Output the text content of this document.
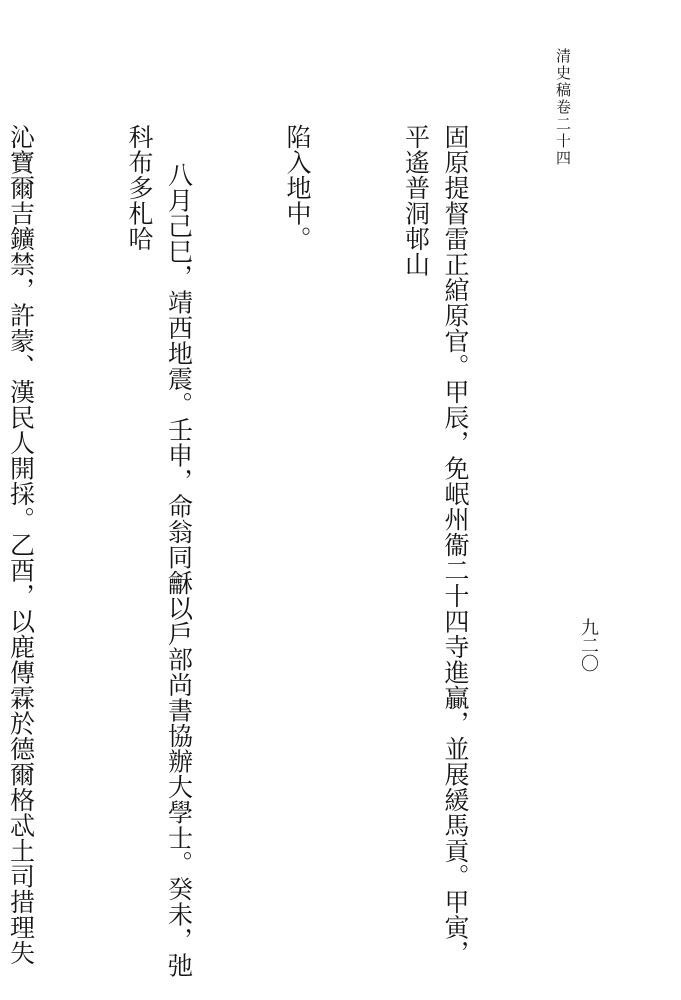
清史稿卷二十四
九二〇

固原提督雷正綰原官。甲辰，免岷州衞二十四寺進贏，並展緩馬貢。甲寅，平遙普洞邨山

陷入地中。

八月己巳，靖西地震。壬申，命翁同龢以戶部尚書協辦大學士。癸未，弛科布多札哈

沁寶爾吉鑛禁，許蒙、漢民人開採。乙酉，以鹿傳霖於德爾格忒土司措理失
